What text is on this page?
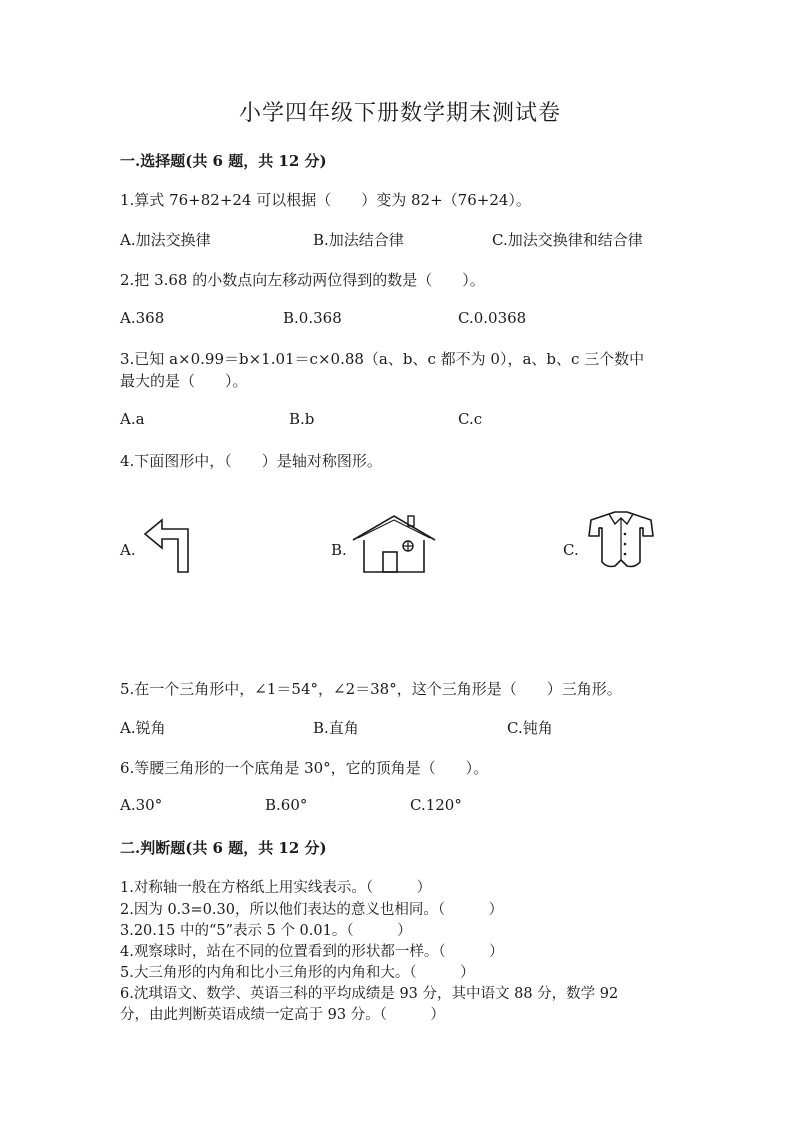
小学四年级下册数学期末测试卷
一.选择题(共 6 题，共 12 分)
1.算式 76+82+24 可以根据（　　）变为 82+（76+24）。
A.加法交换律	B.加法结合律	C.加法交换律和结合律
2.把 3.68 的小数点向左移动两位得到的数是（　　）。
A.368	B.0.368	C.0.0368
3.已知 a×0.99＝b×1.01＝c×0.88（a、b、c 都不为 0），a、b、c 三个数中
最大的是（　　）。
A.a	B.b	C.c
4.下面图形中，（　　）是轴对称图形。
A.	B.	C.
5.在一个三角形中，∠1＝54°，∠2＝38°，这个三角形是（　　）三角形。
A.锐角	B.直角	C.钝角
6.等腰三角形的一个底角是 30°，它的顶角是（　　）。
A.30°	B.60°	C.120°
二.判断题(共 6 题，共 12 分)
1.对称轴一般在方格纸上用实线表示。（　　　）
2.因为 0.3=0.30，所以他们表达的意义也相同。（　　　）
3.20.15 中的“5”表示 5 个 0.01。（　　　）
4.观察球时，站在不同的位置看到的形状都一样。（　　　）
5.大三角形的内角和比小三角形的内角和大。（　　　）
6.沈琪语文、数学、英语三科的平均成绩是 93 分，其中语文 88 分，数学 92
分，由此判断英语成绩一定高于 93 分。（　　　）
